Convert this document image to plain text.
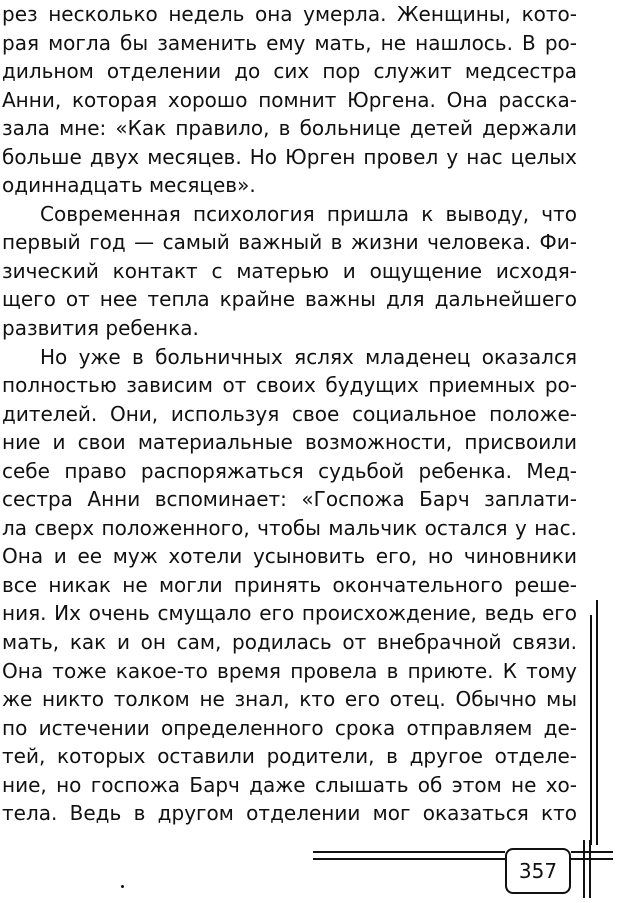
рез несколько недель она умерла. Женщины, кото-
рая могла бы заменить ему мать, не нашлось. В ро-
дильном отделении до сих пор служит медсестра
Анни, которая хорошо помнит Юргена. Она расска-
зала мне: «Как правило, в больнице детей держали
больше двух месяцев. Но Юрген провел у нас целых
одиннадцать месяцев».
Современная психология пришла к выводу, что
первый год — самый важный в жизни человека. Фи-
зический контакт с матерью и ощущение исходя-
щего от нее тепла крайне важны для дальнейшего
развития ребенка.
Но уже в больничных яслях младенец оказался
полностью зависим от своих будущих приемных ро-
дителей. Они, используя свое социальное положе-
ние и свои материальные возможности, присвоили
себе право распоряжаться судьбой ребенка. Мед-
сестра Анни вспоминает: «Госпожа Барч заплати-
ла сверх положенного, чтобы мальчик остался у нас.
Она и ее муж хотели усыновить его, но чиновники
все никак не могли принять окончательного реше-
ния. Их очень смущало его происхождение, ведь его
мать, как и он сам, родилась от внебрачной связи.
Она тоже какое-то время провела в приюте. К тому
же никто толком не знал, кто его отец. Обычно мы
по истечении определенного срока отправляем де-
тей, которых оставили родители, в другое отделе-
ние, но госпожа Барч даже слышать об этом не хо-
тела. Ведь в другом отделении мог оказаться кто
357
